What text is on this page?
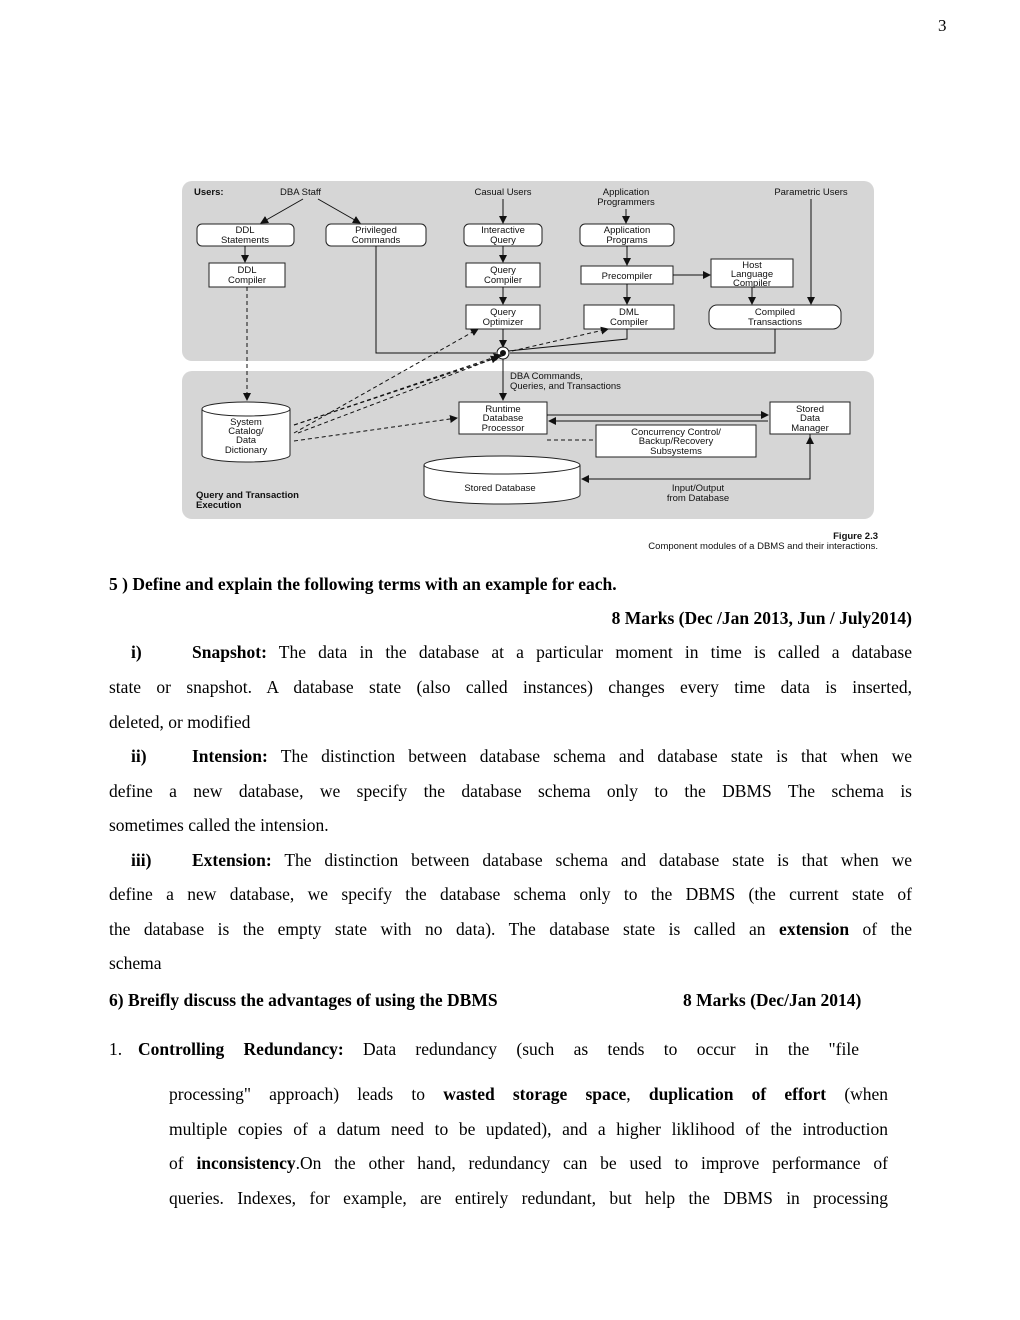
3
Users:	DBA Staff	Casual Users	Application
Programmers
Parametric Users
DDL
Statements
Privileged
Commands
Interactive
Query
Application
Programs
DDL
Compiler
Query
Compiler	Precompiler
Host
Language
Compiler
Query
Optimizer
DML
Compiler
Compiled
Transactions
DBA Commands,
Queries, and Transactions
System
Catalog/
Data
Dictionary
Runtime
Database
Processor
Stored
Data
Manager
Concurrency Control/
Backup/Recovery
Subsystems
Stored Database	Input/Output
from Database
Query and Transaction
Execution
Figure 2.3
Component modules of a DBMS and their interactions.
5 ) Define and explain the following terms with an example for each.
8 Marks (Dec /Jan 2013, Jun / July2014)
i)	Snapshot: The data in the database at a particular moment in time is called a database
state or snapshot. A database state (also called instances) changes every time data is inserted,
deleted, or modified
ii)	Intension: The distinction between database schema and database state is that when we
define a new database, we specify the database schema only to the DBMS The schema is
sometimes called the intension.
iii) Extension: The distinction between database schema and database state is that when we
define a new database, we specify the database schema only to the DBMS (the current state of
the database is the empty state with no data). The database state is called an extension of the
schema
6) Breifly discuss the advantages of using the DBMS	8 Marks (Dec/Jan 2014)
1. Controlling Redundancy: Data redundancy (such as tends to occur in the "file
processing" approach) leads to wasted storage space, duplication of effort (when
multiple copies of a datum need to be updated), and a higher liklihood of the introduction
of inconsistency.On the other hand, redundancy can be used to improve performance of
queries. Indexes, for example, are entirely redundant, but help the DBMS in processing
